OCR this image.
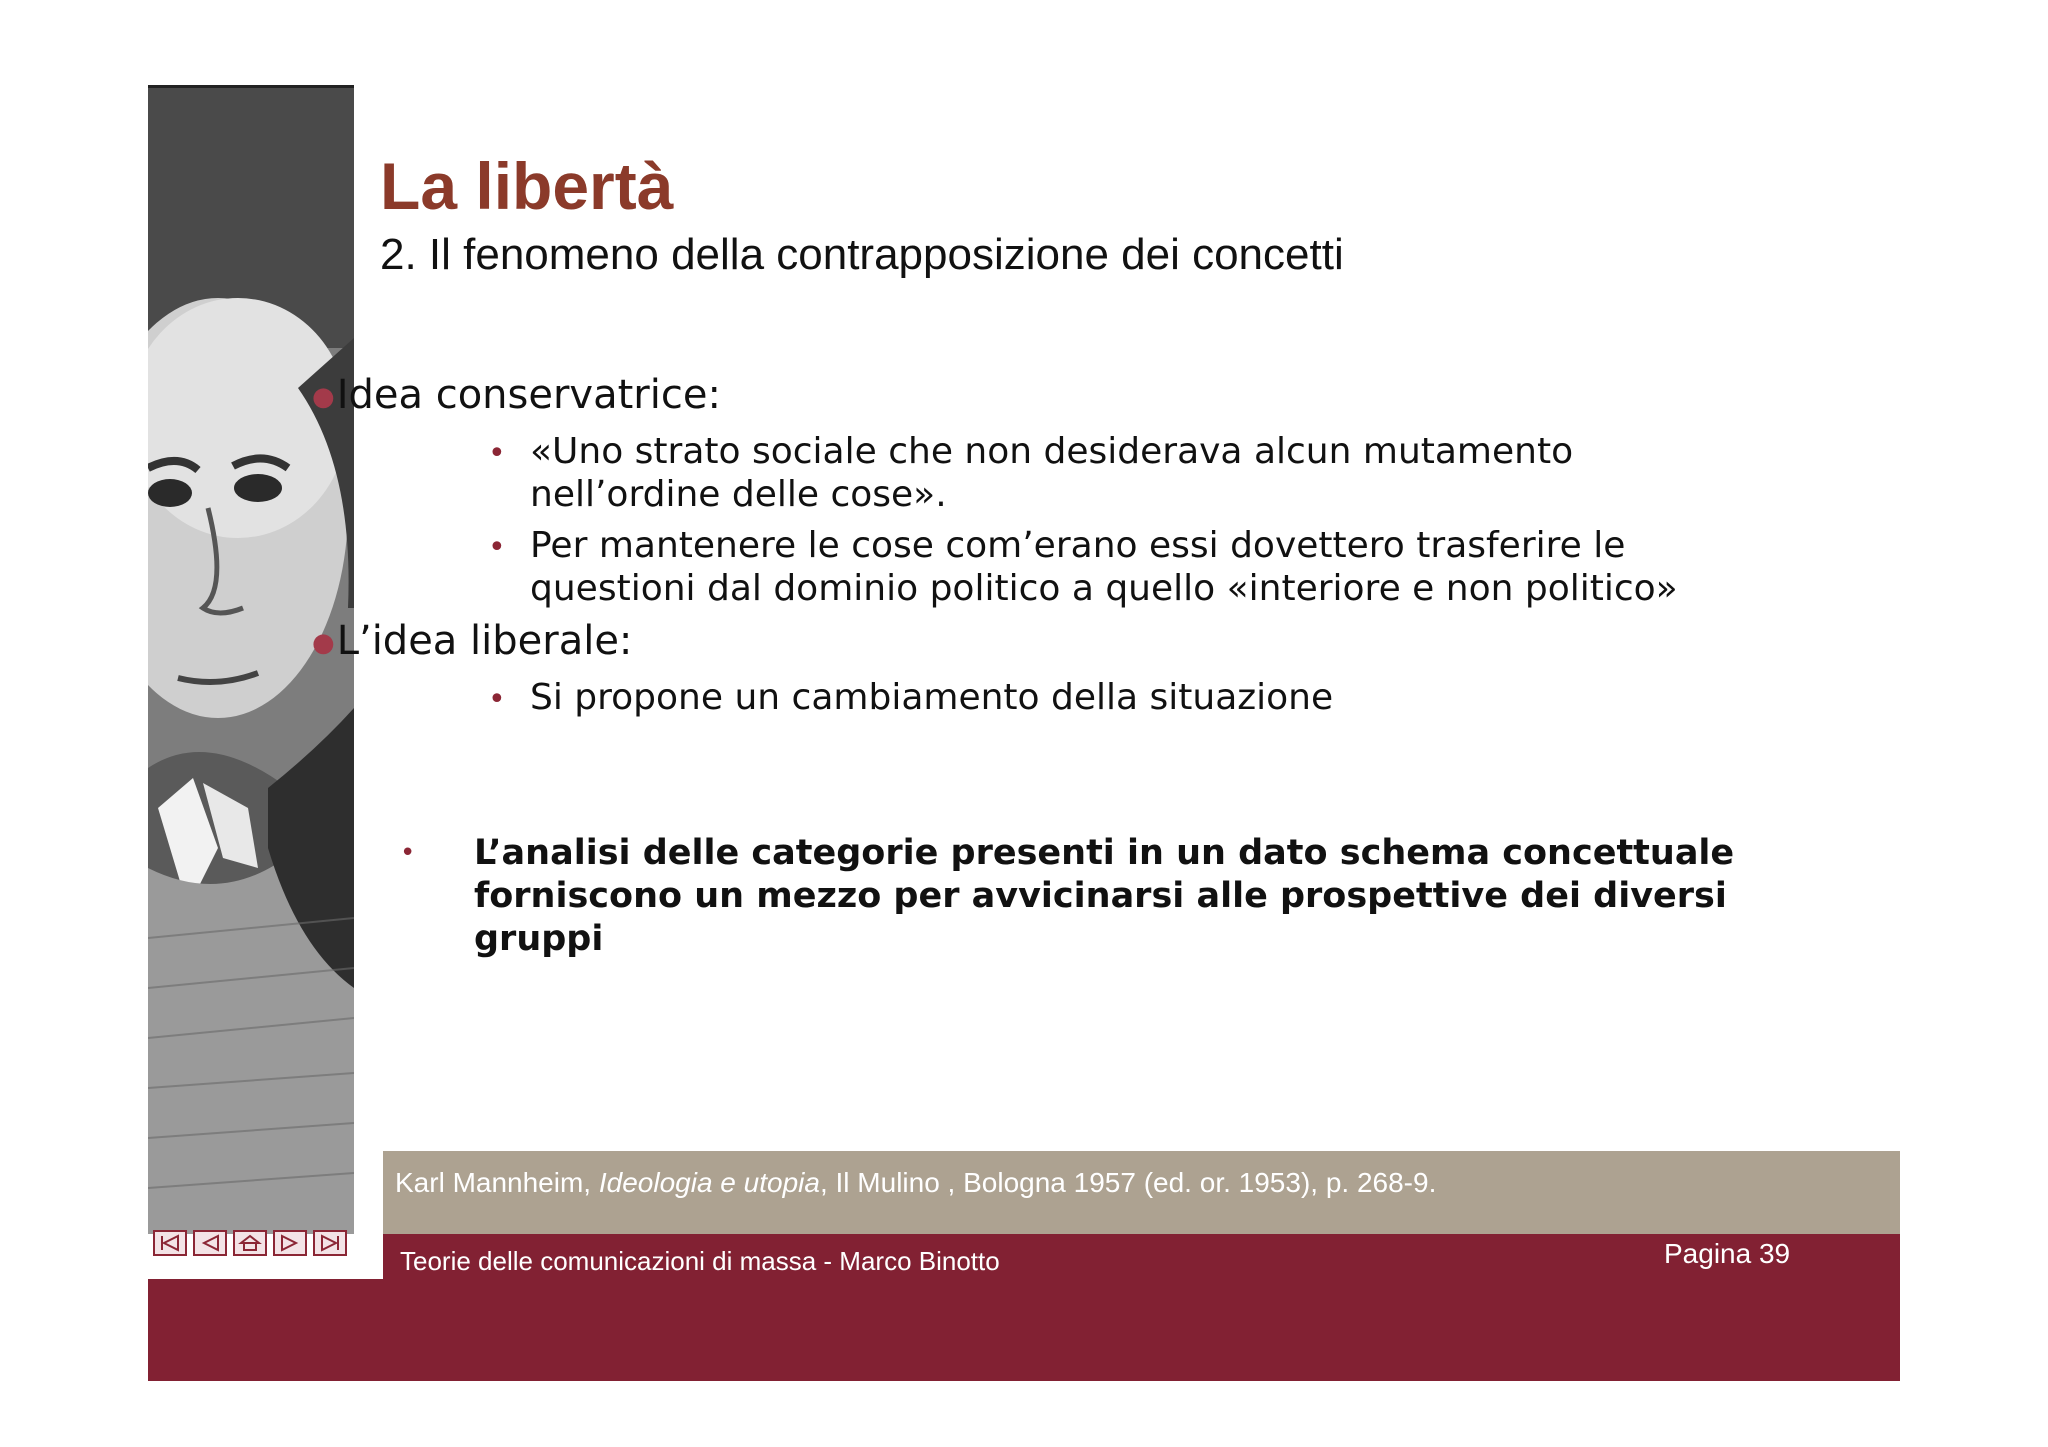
La libertà
2. Il fenomeno della contrapposizione dei concetti
●Idea conservatrice:
• «Uno strato sociale che non desiderava alcun mutamento nell’ordine delle cose».
• Per mantenere le cose com’erano essi dovettero trasferire le questioni dal dominio politico a quello «interiore e non politico»
●L’idea liberale:
• Si propone un cambiamento della situazione
• L’analisi delle categorie presenti in un dato schema concettuale forniscono un mezzo per avvicinarsi alle prospettive dei diversi gruppi
Karl Mannheim, Ideologia e utopia, Il Mulino , Bologna 1957 (ed. or. 1953), p. 268-9.
Teorie delle comunicazioni di massa - Marco Binotto	Pagina 39
